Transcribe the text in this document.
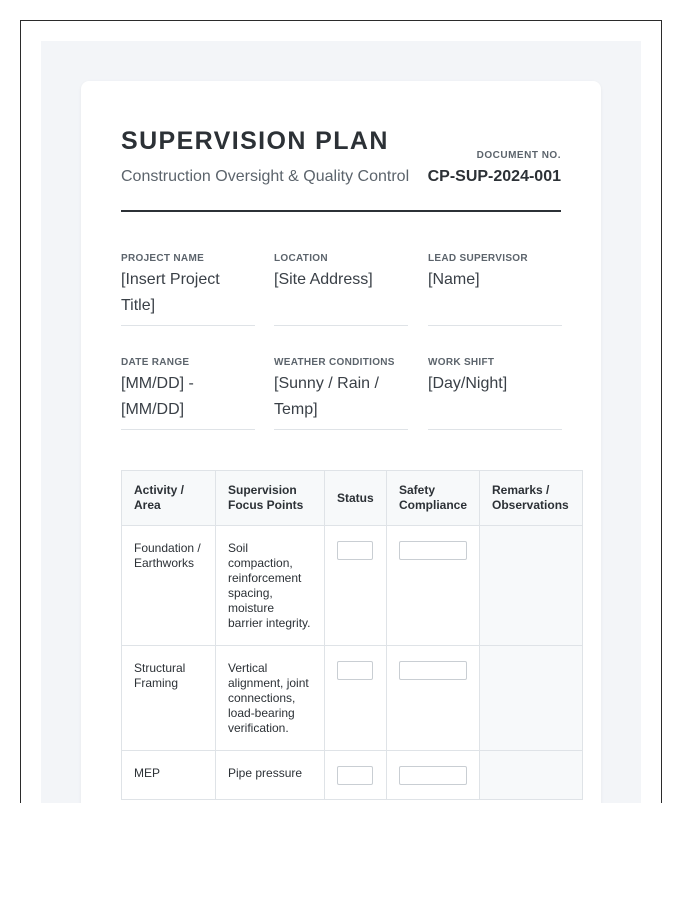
SUPERVISION PLAN

Construction Oversight & Quality Control

DOCUMENT NO.
CP-SUP-2024-001
PROJECT NAME
[Insert Project Title]
LOCATION
[Site Address]
LEAD SUPERVISOR
[Name]
DATE RANGE
[MM/DD] - [MM/DD]
WEATHER CONDITIONS
[Sunny / Rain / Temp]
WORK SHIFT
[Day/Night]
Activity / Area	Supervision Focus Points	Status	Safety Compliance	Remarks / Observations
Foundation / Earthworks	Soil compaction, reinforcement spacing, moisture barrier integrity.	

Structural Framing	Vertical alignment, joint connections, load-bearing verification.	

MEP	Pipe pressure	
